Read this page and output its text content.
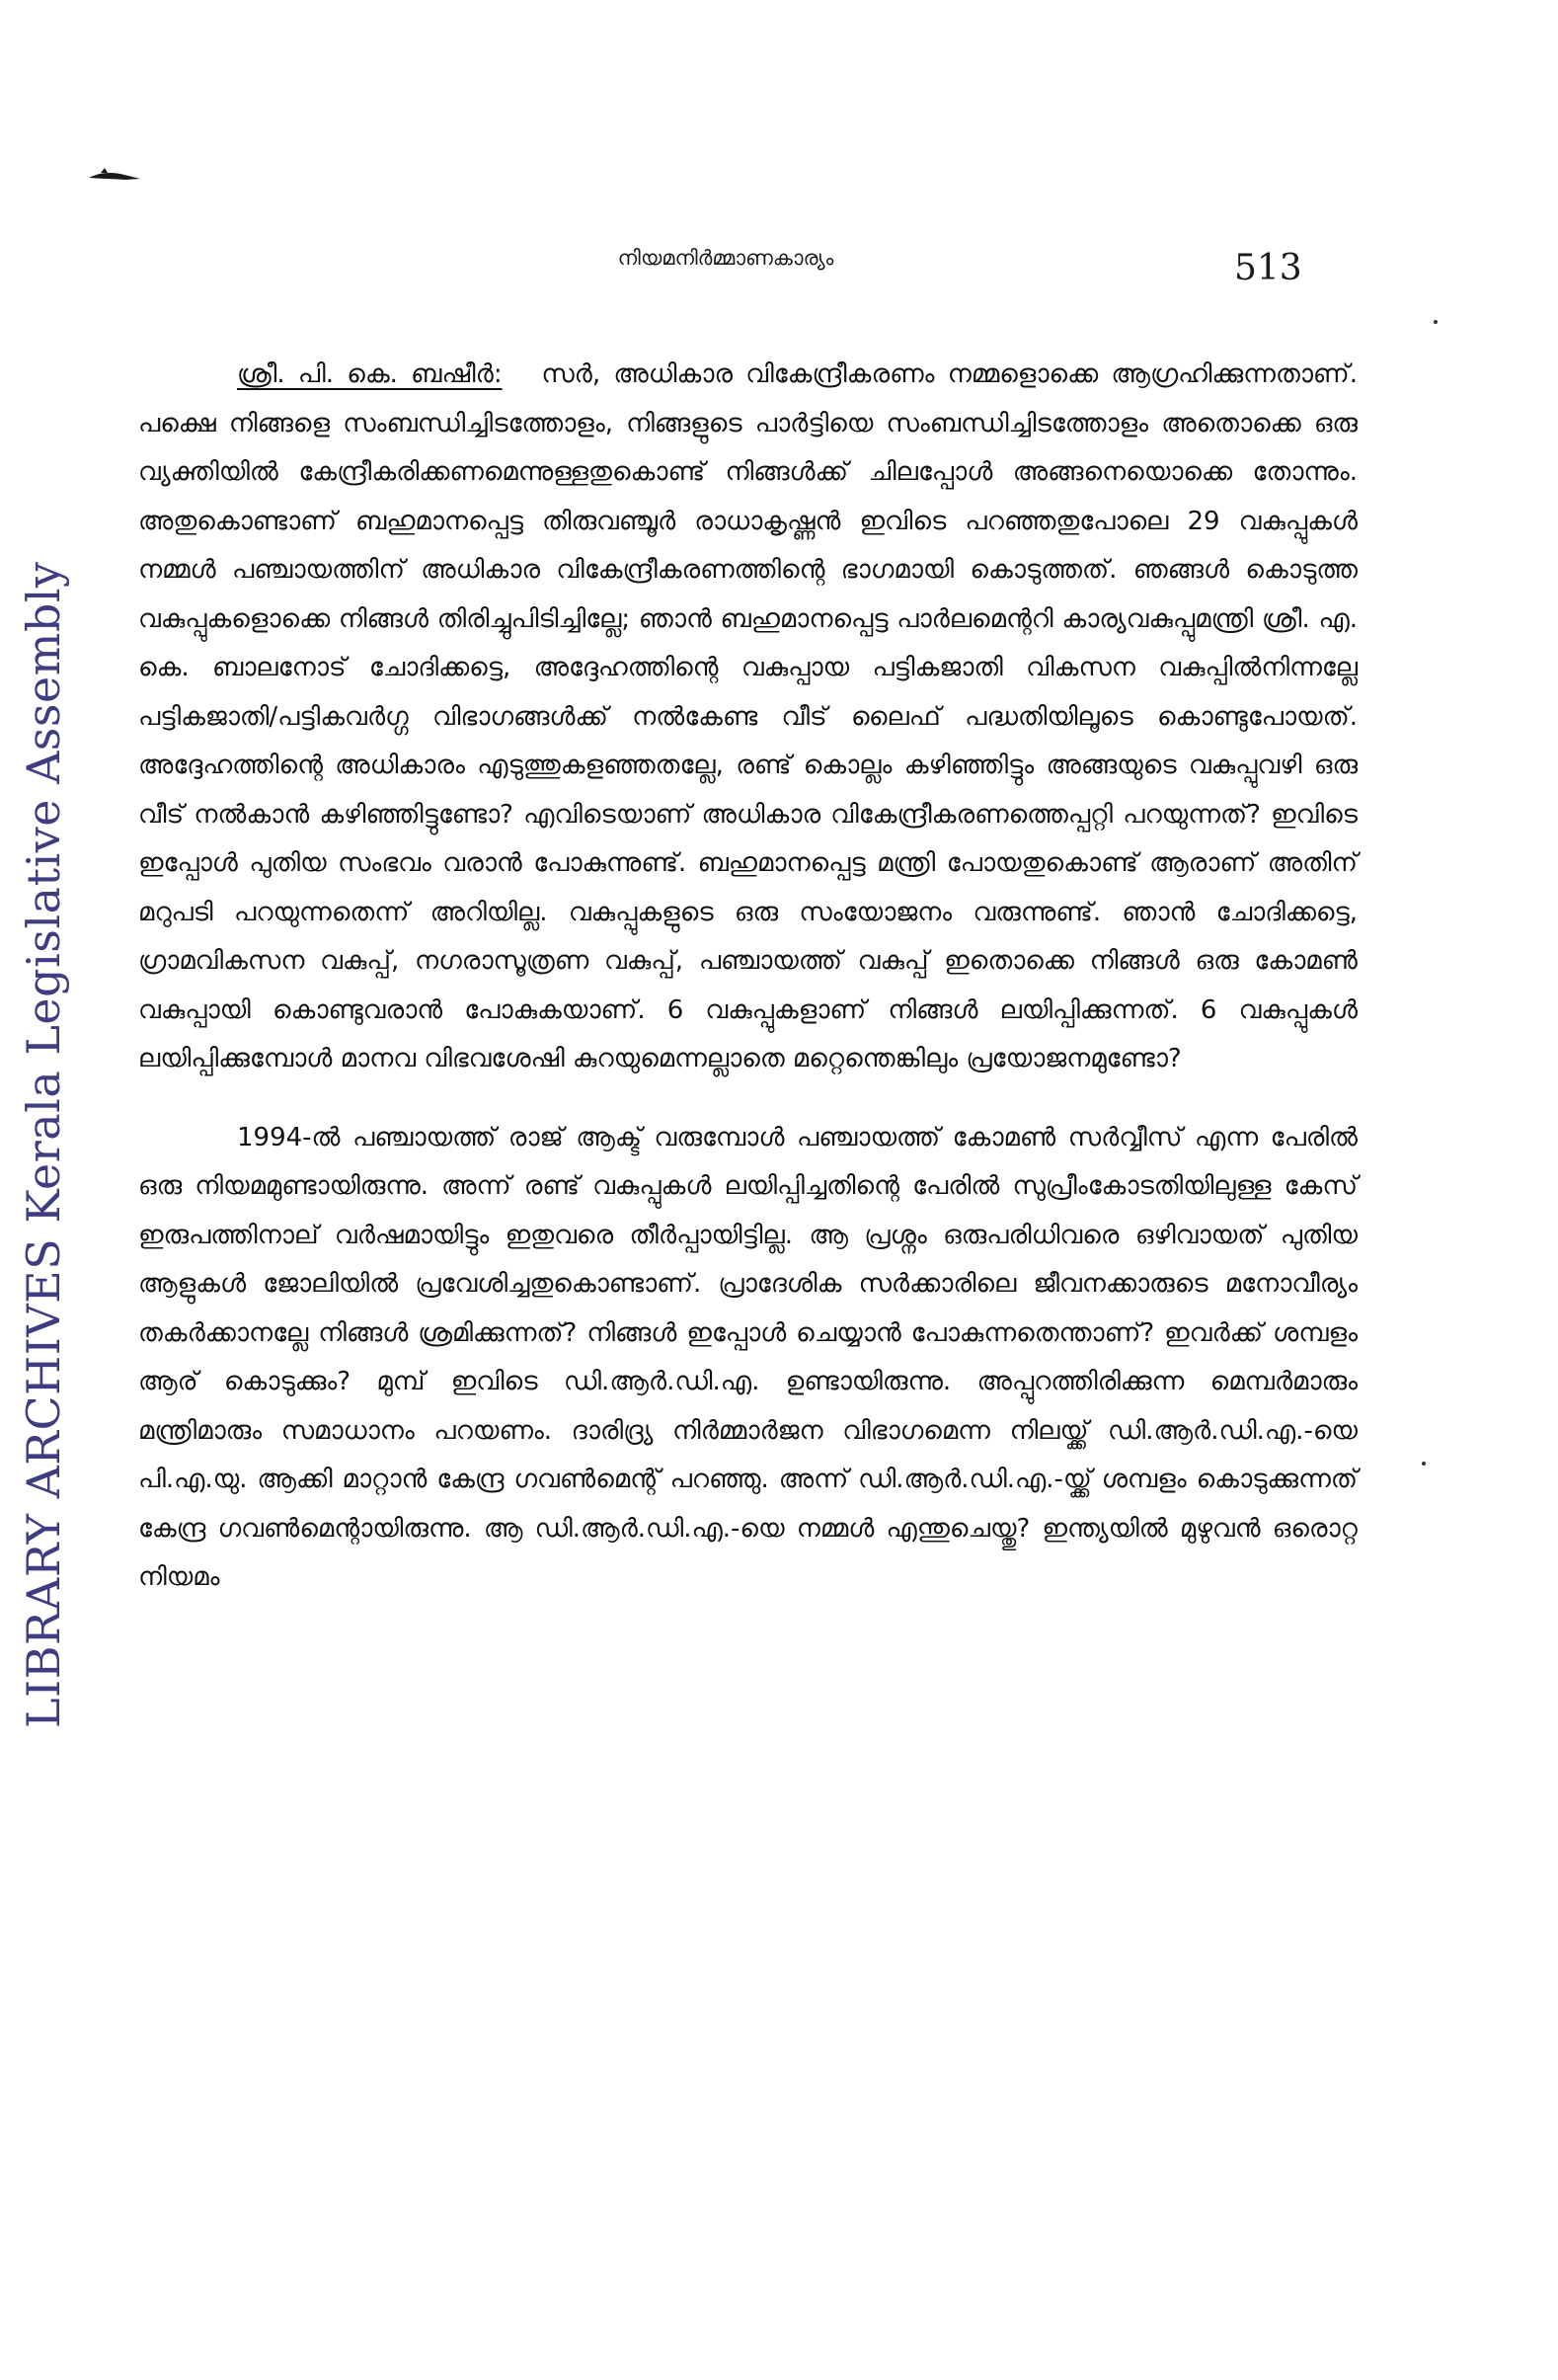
LIBRARY ARCHIVES Kerala Legislative Assembly
നിയമനിർമ്മാണകാര്യം	513

ശ്രീ. പി. കെ. ബഷീർ: സർ, അധികാര വികേന്ദ്രീകരണം നമ്മളൊക്കെ ആഗ്രഹിക്കുന്നതാണ്. പക്ഷെ നിങ്ങളെ സംബന്ധിച്ചിടത്തോളം, നിങ്ങളുടെ പാർട്ടിയെ സംബന്ധിച്ചിടത്തോളം അതൊക്കെ ഒരു വ്യക്തിയിൽ കേന്ദ്രീകരിക്കണമെന്നുള്ളതുകൊണ്ട് നിങ്ങൾക്ക് ചിലപ്പോൾ അങ്ങനെയൊക്കെ തോന്നും. അതുകൊണ്ടാണ് ബഹുമാനപ്പെട്ട തിരുവഞ്ചൂർ രാധാകൃഷ്ണൻ ഇവിടെ പറഞ്ഞതുപോലെ 29 വകുപ്പുകൾ നമ്മൾ പഞ്ചായത്തിന് അധികാര വികേന്ദ്രീകരണത്തിന്റെ ഭാഗമായി കൊടുത്തത്. ഞങ്ങൾ കൊടുത്ത വകുപ്പുകളൊക്കെ നിങ്ങൾ തിരിച്ചുപിടിച്ചില്ലേ; ഞാൻ ബഹുമാനപ്പെട്ട പാർലമെന്ററി കാര്യവകുപ്പുമന്ത്രി ശ്രീ. എ. കെ. ബാലനോട് ചോദിക്കട്ടെ, അദ്ദേഹത്തിന്റെ വകുപ്പായ പട്ടികജാതി വികസന വകുപ്പിൽനിന്നല്ലേ പട്ടികജാതി/പട്ടികവർഗ്ഗ വിഭാഗങ്ങൾക്ക് നൽകേണ്ട വീട് ലൈഫ് പദ്ധതിയിലൂടെ കൊണ്ടുപോയത്. അദ്ദേഹത്തിന്റെ അധികാരം എടുത്തുകളഞ്ഞതല്ലേ, രണ്ട് കൊല്ലം കഴിഞ്ഞിട്ടും അങ്ങയുടെ വകുപ്പുവഴി ഒരു വീട് നൽകാൻ കഴിഞ്ഞിട്ടുണ്ടോ? എവിടെയാണ് അധികാര വികേന്ദ്രീകരണത്തെപ്പറ്റി പറയുന്നത്? ഇവിടെ ഇപ്പോൾ പുതിയ സംഭവം വരാൻ പോകുന്നുണ്ട്. ബഹുമാനപ്പെട്ട മന്ത്രി പോയതുകൊണ്ട് ആരാണ് അതിന് മറുപടി പറയുന്നതെന്ന് അറിയില്ല. വകുപ്പുകളുടെ ഒരു സംയോജനം വരുന്നുണ്ട്. ഞാൻ ചോദിക്കട്ടെ, ഗ്രാമവികസന വകുപ്പ്, നഗരാസൂത്രണ വകുപ്പ്, പഞ്ചായത്ത് വകുപ്പ് ഇതൊക്കെ നിങ്ങൾ ഒരു കോമൺ വകുപ്പായി കൊണ്ടുവരാൻ പോകുകയാണ്. 6 വകുപ്പുകളാണ് നിങ്ങൾ ലയിപ്പിക്കുന്നത്. 6 വകുപ്പുകൾ ലയിപ്പിക്കുമ്പോൾ മാനവ വിഭവശേഷി കുറയുമെന്നല്ലാതെ മറ്റെന്തെങ്കിലും പ്രയോജനമുണ്ടോ?

1994-ൽ പഞ്ചായത്ത് രാജ് ആക്ട് വരുമ്പോൾ പഞ്ചായത്ത് കോമൺ സർവ്വീസ് എന്ന പേരിൽ ഒരു നിയമമുണ്ടായിരുന്നു. അന്ന് രണ്ട് വകുപ്പുകൾ ലയിപ്പിച്ചതിന്റെ പേരിൽ സുപ്രീംകോടതിയിലുള്ള കേസ് ഇരുപത്തിനാല് വർഷമായിട്ടും ഇതുവരെ തീർപ്പായിട്ടില്ല. ആ പ്രശ്നം ഒരുപരിധിവരെ ഒഴിവായത് പുതിയ ആളുകൾ ജോലിയിൽ പ്രവേശിച്ചതുകൊണ്ടാണ്. പ്രാദേശിക സർക്കാരിലെ ജീവനക്കാരുടെ മനോവീര്യം തകർക്കാനല്ലേ നിങ്ങൾ ശ്രമിക്കുന്നത്? നിങ്ങൾ ഇപ്പോൾ ചെയ്യാൻ പോകുന്നതെന്താണ്? ഇവർക്ക് ശമ്പളം ആര് കൊടുക്കും? മുമ്പ് ഇവിടെ ഡി.ആർ.ഡി.എ. ഉണ്ടായിരുന്നു. അപ്പുറത്തിരിക്കുന്ന മെമ്പർമാരും മന്ത്രിമാരും സമാധാനം പറയണം. ദാരിദ്ര്യ നിർമ്മാർജന വിഭാഗമെന്ന നിലയ്ക്ക് ഡി.ആർ.ഡി.എ.-യെ പി.എ.യു. ആക്കി മാറ്റാൻ കേന്ദ്ര ഗവൺമെന്റ് പറഞ്ഞു. അന്ന് ഡി.ആർ.ഡി.എ.-യ്ക്ക് ശമ്പളം കൊടുക്കുന്നത് കേന്ദ്ര ഗവൺമെന്റായിരുന്നു. ആ ഡി.ആർ.ഡി.എ.-യെ നമ്മൾ എന്തുചെയ്തു? ഇന്ത്യയിൽ മുഴുവൻ ഒരൊറ്റ നിയമം
